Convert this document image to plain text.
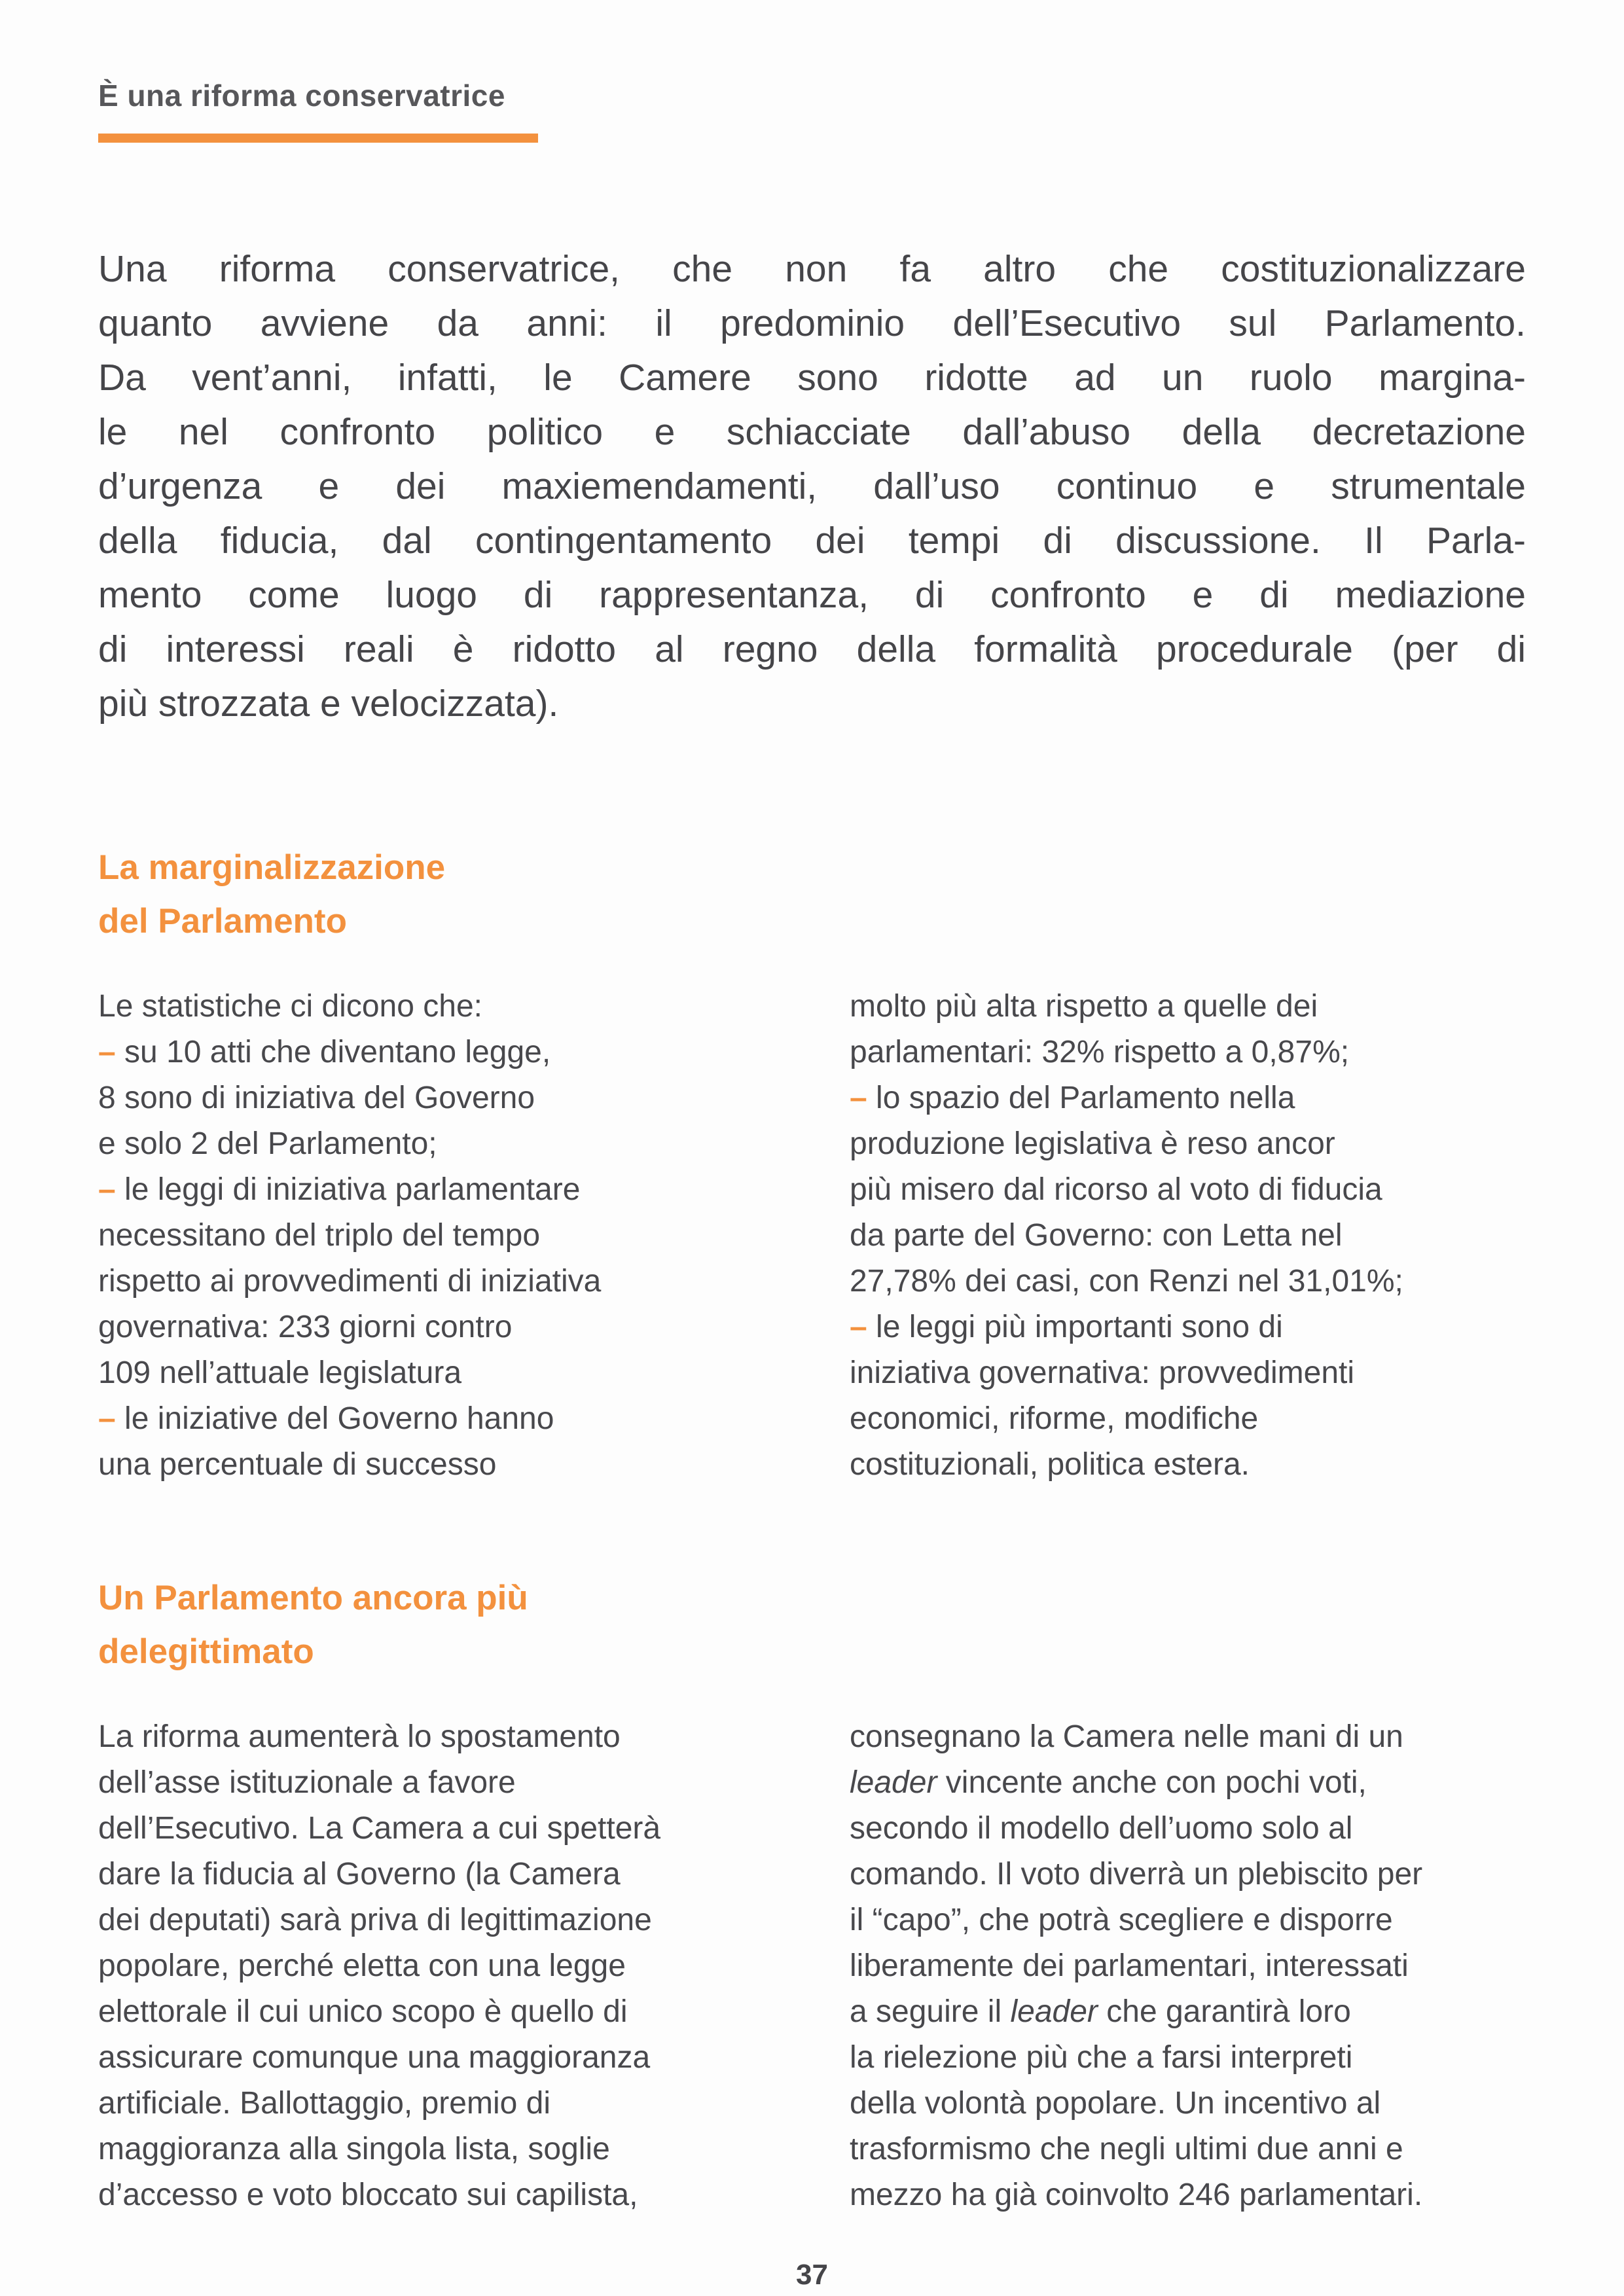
È una riforma conservatrice
Una riforma conservatrice, che non fa altro che costituzionalizzare
quanto avviene da anni: il predominio dell’Esecutivo sul Parlamento.
Da vent’anni, infatti, le Camere sono ridotte ad un ruolo margina-
le nel confronto politico e schiacciate dall’abuso della decretazione
d’urgenza e dei maxiemendamenti, dall’uso continuo e strumentale
della fiducia, dal contingentamento dei tempi di discussione. Il Parla-
mento come luogo di rappresentanza, di confronto e di mediazione
di interessi reali è ridotto al regno della formalità procedurale (per di
più strozzata e velocizzata).
La marginalizzazione
del Parlamento
Le statistiche ci dicono che:
– su 10 atti che diventano legge,
8 sono di iniziativa del Governo
e solo 2 del Parlamento;
– le leggi di iniziativa parlamentare
necessitano del triplo del tempo
rispetto ai provvedimenti di iniziativa
governativa: 233 giorni contro
109 nell’attuale legislatura
– le iniziative del Governo hanno
una percentuale di successo
molto più alta rispetto a quelle dei
parlamentari: 32% rispetto a 0,87%;
– lo spazio del Parlamento nella
produzione legislativa è reso ancor
più misero dal ricorso al voto di fiducia
da parte del Governo: con Letta nel
27,78% dei casi, con Renzi nel 31,01%;
– le leggi più importanti sono di
iniziativa governativa: provvedimenti
economici, riforme, modifiche
costituzionali, politica estera.
Un Parlamento ancora più
delegittimato
La riforma aumenterà lo spostamento
dell’asse istituzionale a favore
dell’Esecutivo. La Camera a cui spetterà
dare la fiducia al Governo (la Camera
dei deputati) sarà priva di legittimazione
popolare, perché eletta con una legge
elettorale il cui unico scopo è quello di
assicurare comunque una maggioranza
artificiale. Ballottaggio, premio di
maggioranza alla singola lista, soglie
d’accesso e voto bloccato sui capilista,
consegnano la Camera nelle mani di un
leader vincente anche con pochi voti,
secondo il modello dell’uomo solo al
comando. Il voto diverrà un plebiscito per
il “capo”, che potrà scegliere e disporre
liberamente dei parlamentari, interessati
a seguire il leader che garantirà loro
la rielezione più che a farsi interpreti
della volontà popolare. Un incentivo al
trasformismo che negli ultimi due anni e
mezzo ha già coinvolto 246 parlamentari.
37
